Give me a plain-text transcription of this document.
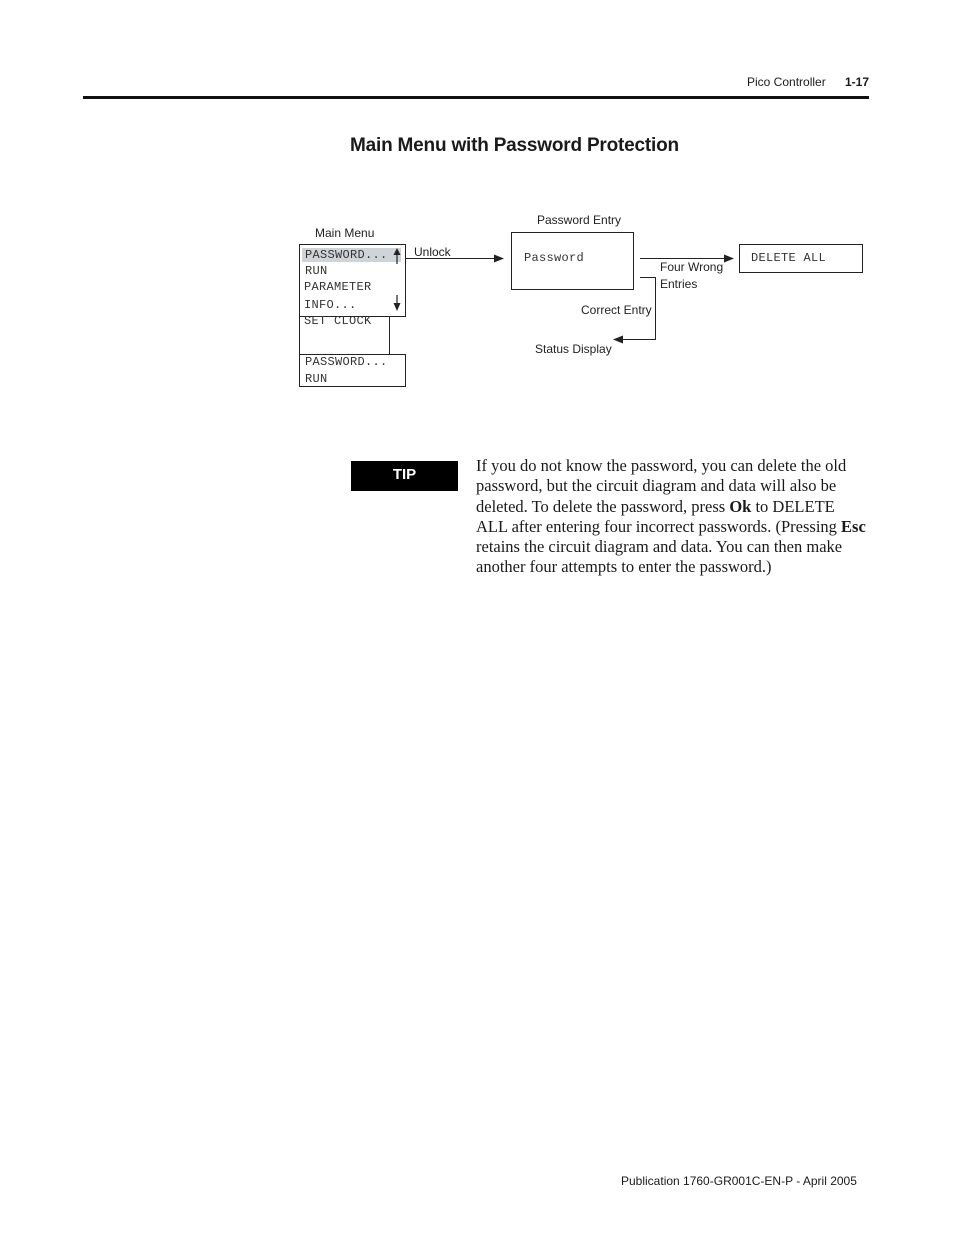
Pico Controller 1-17
Main Menu with Password Protection
Main Menu
PASSWORD...
RUN
PARAMETER
INFO...
SET CLOCK
PASSWORD...
RUN
Unlock
Password Entry
Password
Four Wrong
Entries
DELETE ALL
Correct Entry
Status Display
TIP	If you do not know the password, you can delete the old password, but the circuit diagram and data will also be deleted. To delete the password, press Ok to DELETE ALL after entering four incorrect passwords. (Pressing Esc retains the circuit diagram and data. You can then make another four attempts to enter the password.)
Publication 1760-GR001C-EN-P - April 2005
